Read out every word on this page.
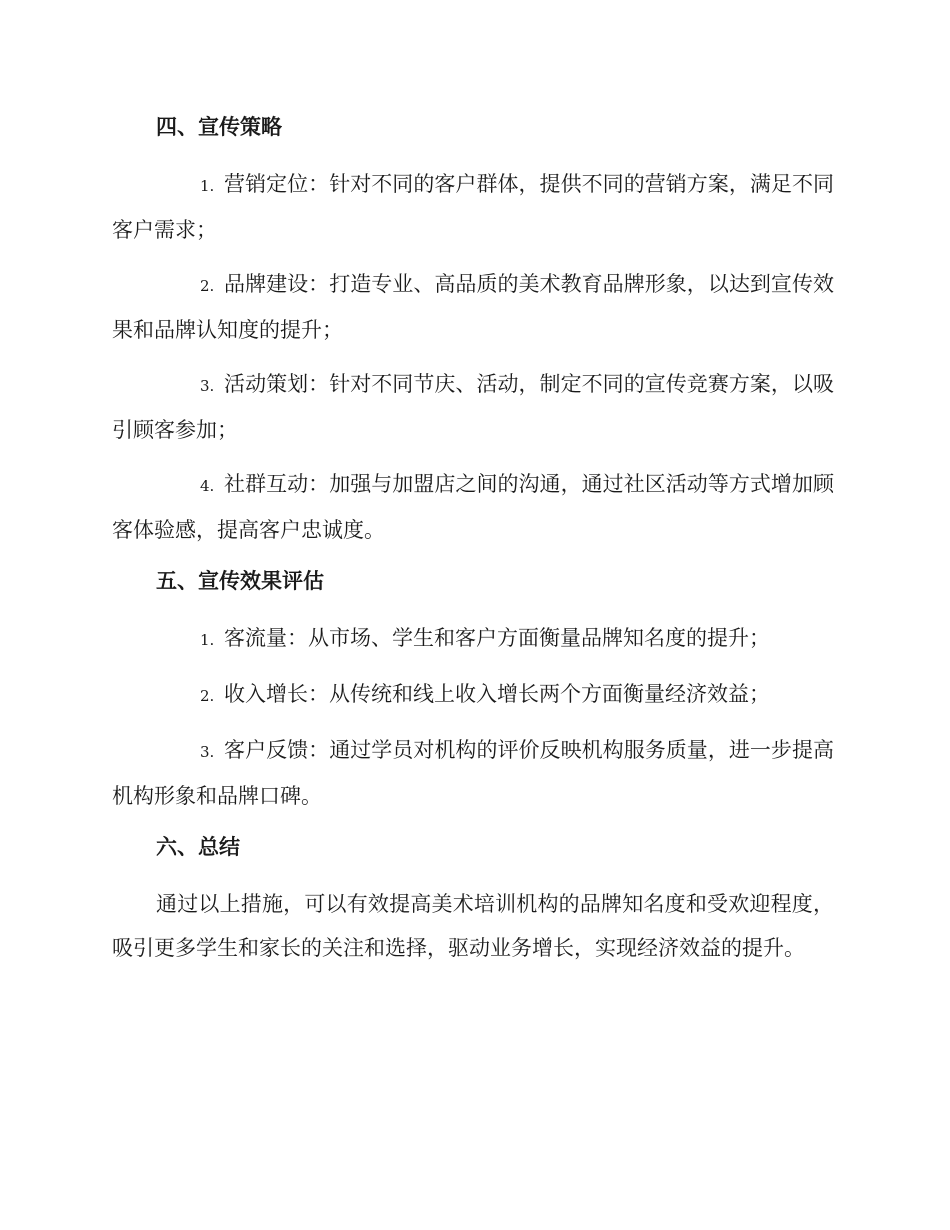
四、宣传策略

1. 营销定位：针对不同的客户群体，提供不同的营销方案，满足不同客户需求；

2. 品牌建设：打造专业、高品质的美术教育品牌形象，以达到宣传效果和品牌认知度的提升；

3. 活动策划：针对不同节庆、活动，制定不同的宣传竞赛方案，以吸引顾客参加；

4. 社群互动：加强与加盟店之间的沟通，通过社区活动等方式增加顾客体验感，提高客户忠诚度。

五、宣传效果评估

1. 客流量：从市场、学生和客户方面衡量品牌知名度的提升；

2. 收入增长：从传统和线上收入增长两个方面衡量经济效益；

3. 客户反馈：通过学员对机构的评价反映机构服务质量，进一步提高机构形象和品牌口碑。

六、总结

通过以上措施，可以有效提高美术培训机构的品牌知名度和受欢迎程度，吸引更多学生和家长的关注和选择，驱动业务增长，实现经济效益的提升。
